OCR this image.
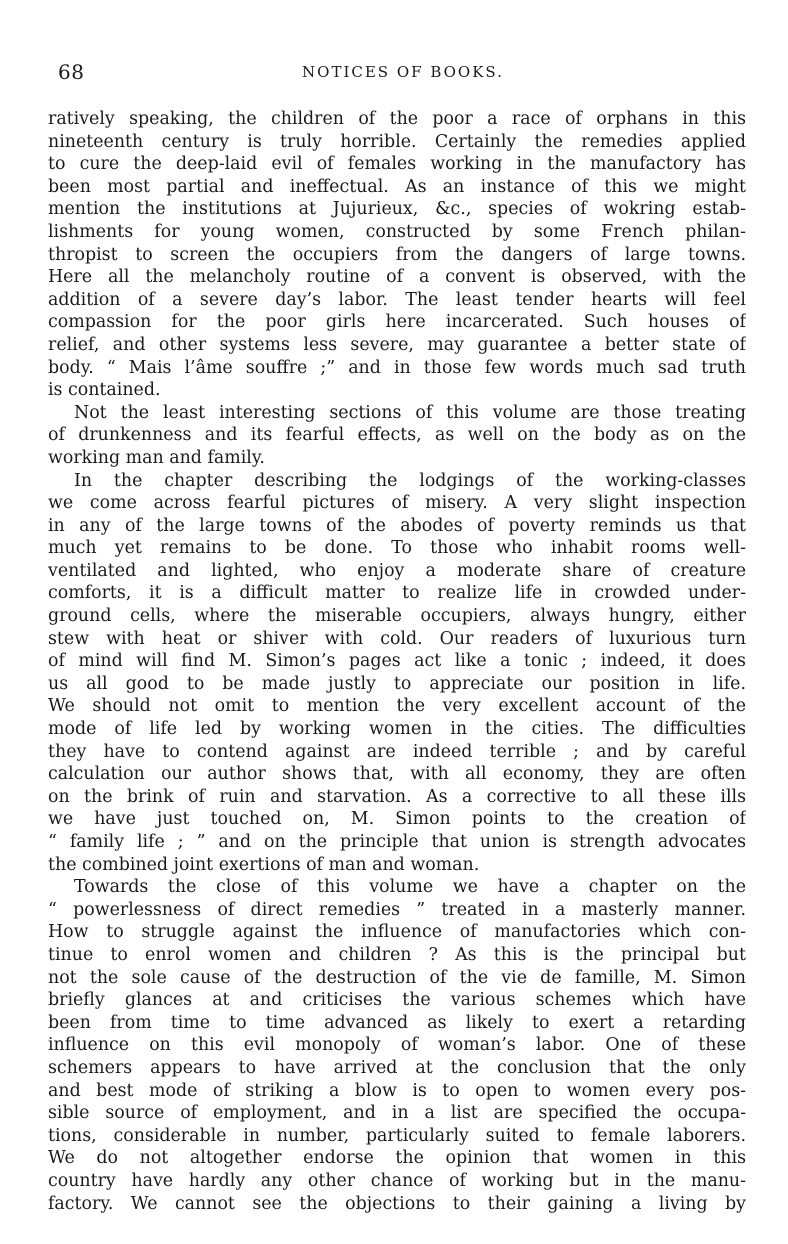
68	NOTICES OF BOOKS.
ratively speaking, the children of the poor a race of orphans in this
nineteenth century is truly horrible. Certainly the remedies applied
to cure the deep-laid evil of females working in the manufactory has
been most partial and ineffectual. As an instance of this we might
mention the institutions at Jujurieux, &c., species of wokring estab-
lishments for young women, constructed by some French philan-
thropist to screen the occupiers from the dangers of large towns.
Here all the melancholy routine of a convent is observed, with the
addition of a severe day’s labor. The least tender hearts will feel
compassion for the poor girls here incarcerated. Such houses of
relief, and other systems less severe, may guarantee a better state of
body. “ Mais l’âme souffre ;” and in those few words much sad truth
is contained.
Not the least interesting sections of this volume are those treating
of drunkenness and its fearful effects, as well on the body as on the
working man and family.
In the chapter describing the lodgings of the working-classes
we come across fearful pictures of misery. A very slight inspection
in any of the large towns of the abodes of poverty reminds us that
much yet remains to be done. To those who inhabit rooms well-
ventilated and lighted, who enjoy a moderate share of creature
comforts, it is a difficult matter to realize life in crowded under-
ground cells, where the miserable occupiers, always hungry, either
stew with heat or shiver with cold. Our readers of luxurious turn
of mind will find M. Simon’s pages act like a tonic ; indeed, it does
us all good to be made justly to appreciate our position in life.
We should not omit to mention the very excellent account of the
mode of life led by working women in the cities. The difficulties
they have to contend against are indeed terrible ; and by careful
calculation our author shows that, with all economy, they are often
on the brink of ruin and starvation. As a corrective to all these ills
we have just touched on, M. Simon points to the creation of
“ family life ; ” and on the principle that union is strength advocates
the combined joint exertions of man and woman.
Towards the close of this volume we have a chapter on the
“ powerlessness of direct remedies ” treated in a masterly manner.
How to struggle against the influence of manufactories which con-
tinue to enrol women and children ? As this is the principal but
not the sole cause of the destruction of the vie de famille, M. Simon
briefly glances at and criticises the various schemes which have
been from time to time advanced as likely to exert a retarding
influence on this evil monopoly of woman’s labor. One of these
schemers appears to have arrived at the conclusion that the only
and best mode of striking a blow is to open to women every pos-
sible source of employment, and in a list are specified the occupa-
tions, considerable in number, particularly suited to female laborers.
We do not altogether endorse the opinion that women in this
country have hardly any other chance of working but in the manu-
factory. We cannot see the objections to their gaining a living by
